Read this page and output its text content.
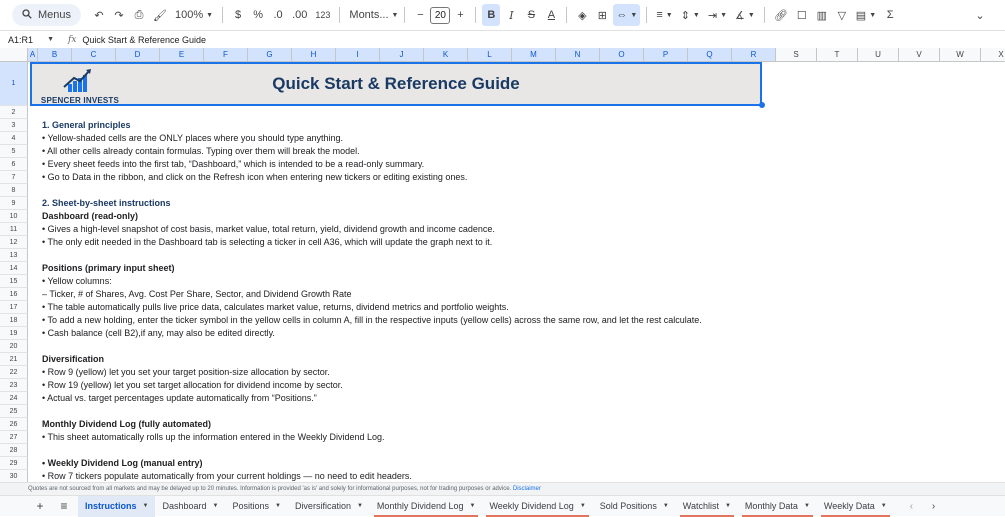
Menus	↶ ↷ ⎙ 🖌︎ 100% ▼	$	% .0 .00 123 Monts... ▼	−	20	+	B	I	S	A	◈	⊞ ⇔ ▼ ≡ ▼ ⇕ ▼ ⇥ ▼ ∡ ▼ 🔗︎ ☐ ▥ ▽ ▤ ▼ Σ	⌄
A1:R1 ▼ fx Quick Start & Reference Guide
A	B	C	D	E	F	G	H	I	J	K	L	M	N	O	P	Q	R	S	T	U	V	W	X
1
2
3
4
5
6
7
8
9
10
11
12
13
14
15
16
17
18
19
20
21
22
23
24
25
26
27
28
29
30
SPENCER INVESTS
Quick Start & Reference Guide
1. General principles
• Yellow-shaded cells are the ONLY places where you should type anything.
• All other cells already contain formulas. Typing over them will break the model.
• Every sheet feeds into the first tab, “Dashboard,” which is intended to be a read-only summary.
• Go to Data in the ribbon, and click on the Refresh icon when entering new tickers or editing existing ones.
2. Sheet-by-sheet instructions
Dashboard (read-only)
• Gives a high-level snapshot of cost basis, market value, total return, yield, dividend growth and income cadence.
• The only edit needed in the Dashboard tab is selecting a ticker in cell A36, which will update the graph next to it.
Positions (primary input sheet)
• Yellow columns:
– Ticker, # of Shares, Avg. Cost Per Share, Sector, and Dividend Growth Rate
• The table automatically pulls live price data, calculates market value, returns, dividend metrics and portfolio weights.
• To add a new holding, enter the ticker symbol in the yellow cells in column A, fill in the respective inputs (yellow cells) across the same row, and let the rest calculate.
• Cash balance (cell B2),if any, may also be edited directly.
Diversification
• Row 9 (yellow) let you set your target position-size allocation by sector.
• Row 19 (yellow) let you set target allocation for dividend income by sector.
• Actual vs. target percentages update automatically from “Positions.”
Monthly Dividend Log (fully automated)
• This sheet automatically rolls up the information entered in the Weekly Dividend Log.
• Weekly Dividend Log (manual entry)
• Row 7 tickers populate automatically from your current holdings — no need to edit headers.
Quotes are not sourced from all markets and may be delayed up to 20 minutes. Information is provided 'as is' and solely for informational purposes, not for trading purposes or advice. Disclaimer
+	≡	Instructions ▼ Dashboard ▼ Positions ▼ Diversification ▼ Monthly Dividend Log ▼ Weekly Dividend Log ▼ Sold Positions ▼ Watchlist ▼ Monthly Data ▼ Weekly Data ▼	‹ ›
